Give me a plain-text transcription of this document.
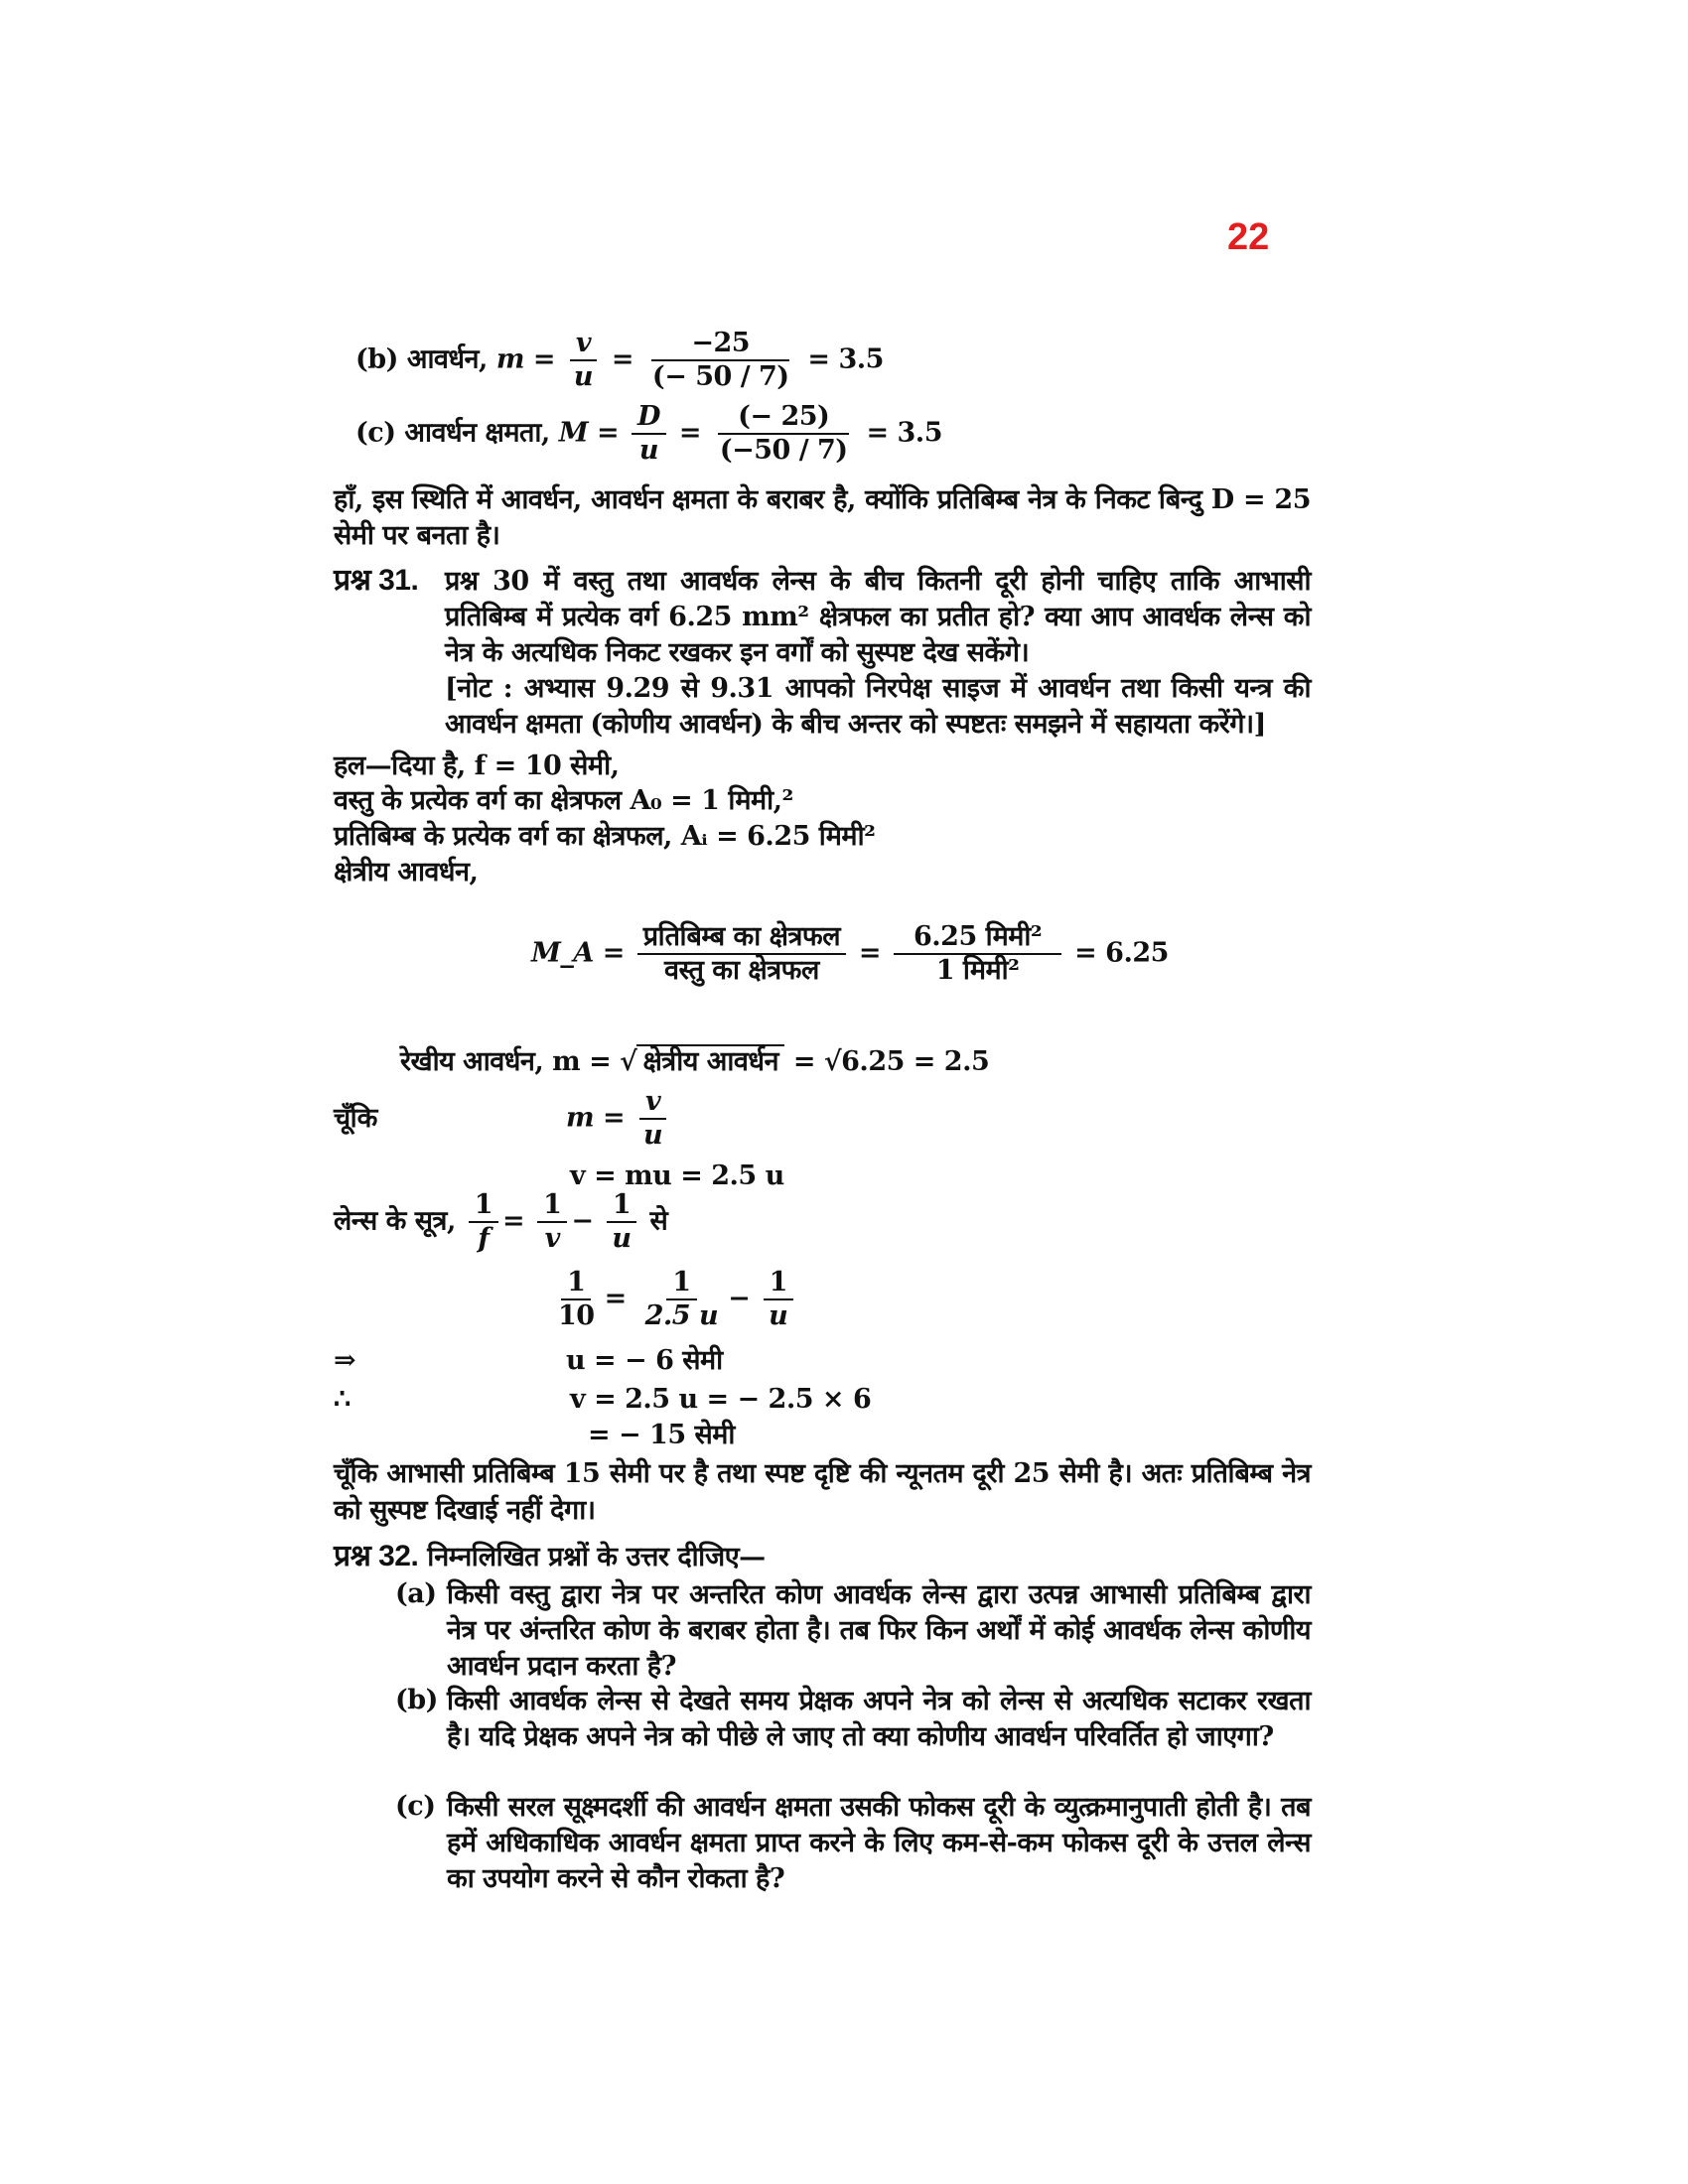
22
(b) आवर्धन, $m = \frac{v}{u} = \frac{-25}{(- 50 / 7)} = 3.5$
(c) आवर्धन क्षमता, $M = \frac{D}{u} = \frac{(- 25)}{(-50 / 7)} = 3.5$
हाँ, इस स्थिति में आवर्धन, आवर्धन क्षमता के बराबर है, क्योंकि प्रतिबिम्ब नेत्र के निकट बिन्दु D = 25 सेमी पर बनता है।
प्रश्न 31. प्रश्न 30 में वस्तु तथा आवर्धक लेन्स के बीच कितनी दूरी होनी चाहिए ताकि आभासी प्रतिबिम्ब में प्रत्येक वर्ग 6.25 mm² क्षेत्रफल का प्रतीत हो? क्या आप आवर्धक लेन्स को नेत्र के अत्यधिक निकट रखकर इन वर्गों को सुस्पष्ट देख सकेंगे।
[नोट : अभ्यास 9.29 से 9.31 आपको निरपेक्ष साइज में आवर्धन तथा किसी यन्त्र की आवर्धन क्षमता (कोणीय आवर्धन) के बीच अन्तर को स्पष्टतः समझने में सहायता करेंगे।]
हल—दिया है, f = 10 सेमी,
वस्तु के प्रत्येक वर्ग का क्षेत्रफल A₀ = 1 मिमी,²
प्रतिबिम्ब के प्रत्येक वर्ग का क्षेत्रफल, Aᵢ = 6.25 मिमी²
क्षेत्रीय आवर्धन,
M_A = $\frac{\text{प्रतिबिम्ब का क्षेत्रफल}}{\text{वस्तु का क्षेत्रफल}} = \frac{\text{6.25 मिमी²}}{\text{1 मिमी²}} = 6.25$
रेखीय आवर्धन, m = √ क्षेत्रीय आवर्धन = √6.25 = 2.5
चूँकि	$m = \frac{v}{u}$
v = mu = 2.5 u
लेन्स के सूत्र, $\frac{1}{f} = \frac{1}{v} - \frac{1}{u}$ से
$\frac{1}{10} = \frac{1}{2.5 u} - \frac{1}{u}$
⇒	u = − 6 सेमी
∴	v = 2.5 u = − 2.5 × 6
= − 15 सेमी
चूँकि आभासी प्रतिबिम्ब 15 सेमी पर है तथा स्पष्ट दृष्टि की न्यूनतम दूरी 25 सेमी है। अतः प्रतिबिम्ब नेत्र को सुस्पष्ट दिखाई नहीं देगा।
प्रश्न 32. निम्नलिखित प्रश्नों के उत्तर दीजिए—
(a) किसी वस्तु द्वारा नेत्र पर अन्तरित कोण आवर्धक लेन्स द्वारा उत्पन्न आभासी प्रतिबिम्ब द्वारा नेत्र पर अंन्तरित कोण के बराबर होता है। तब फिर किन अर्थों में कोई आवर्धक लेन्स कोणीय आवर्धन प्रदान करता है?
(b) किसी आवर्धक लेन्स से देखते समय प्रेक्षक अपने नेत्र को लेन्स से अत्यधिक सटाकर रखता है। यदि प्रेक्षक अपने नेत्र को पीछे ले जाए तो क्या कोणीय आवर्धन परिवर्तित हो जाएगा?
(c) किसी सरल सूक्ष्मदर्शी की आवर्धन क्षमता उसकी फोकस दूरी के व्युत्क्रमानुपाती होती है। तब हमें अधिकाधिक आवर्धन क्षमता प्राप्त करने के लिए कम-से-कम फोकस दूरी के उत्तल लेन्स का उपयोग करने से कौन रोकता है?
